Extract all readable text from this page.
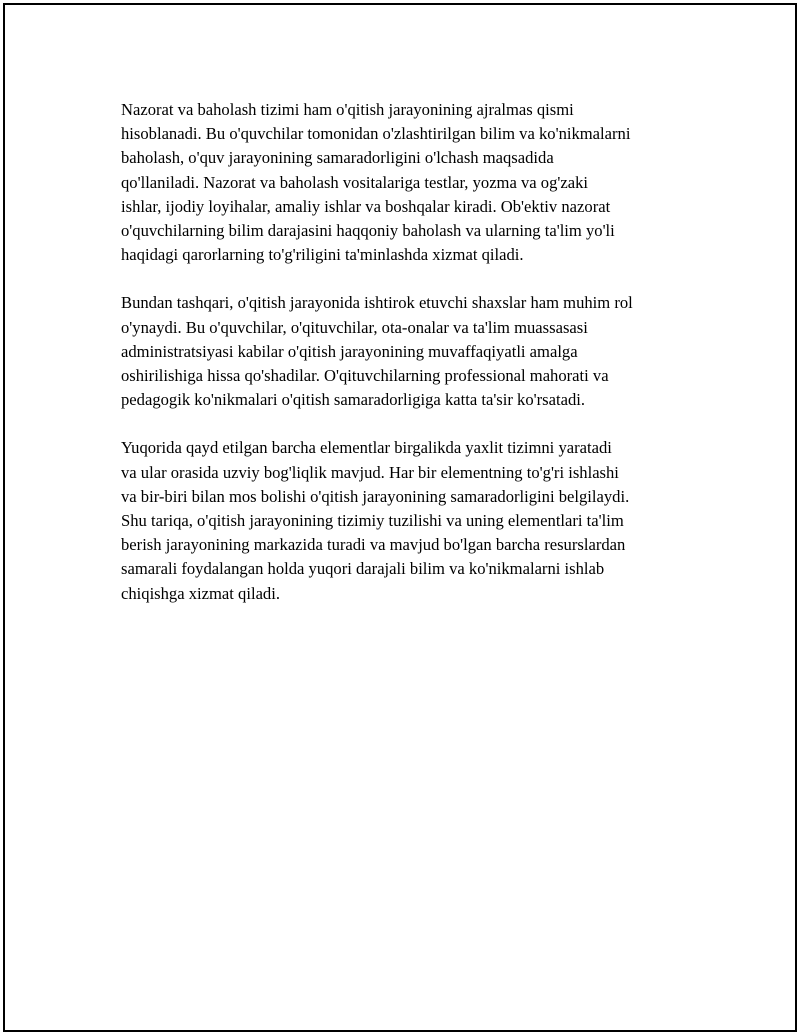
Nazorat va baholash tizimi ham o'qitish jarayonining ajralmas qismi
hisoblanadi. Bu o'quvchilar tomonidan o'zlashtirilgan bilim va ko'nikmalarni
baholash, o'quv jarayonining samaradorligini o'lchash maqsadida
qo'llaniladi. Nazorat va baholash vositalariga testlar, yozma va og'zaki
ishlar, ijodiy loyihalar, amaliy ishlar va boshqalar kiradi. Ob'ektiv nazorat
o'quvchilarning bilim darajasini haqqoniy baholash va ularning ta'lim yo'li
haqidagi qarorlarning to'g'riligini ta'minlashda xizmat qiladi.

Bundan tashqari, o'qitish jarayonida ishtirok etuvchi shaxslar ham muhim rol
o'ynaydi. Bu o'quvchilar, o'qituvchilar, ota-onalar va ta'lim muassasasi
administratsiyasi kabilar o'qitish jarayonining muvaffaqiyatli amalga
oshirilishiga hissa qo'shadilar. O'qituvchilarning professional mahorati va
pedagogik ko'nikmalari o'qitish samaradorligiga katta ta'sir ko'rsatadi.

Yuqorida qayd etilgan barcha elementlar birgalikda yaxlit tizimni yaratadi
va ular orasida uzviy bog'liqlik mavjud. Har bir elementning to'g'ri ishlashi
va bir-biri bilan mos bolishi o'qitish jarayonining samaradorligini belgilaydi.
Shu tariqa, o'qitish jarayonining tizimiy tuzilishi va uning elementlari ta'lim
berish jarayonining markazida turadi va mavjud bo'lgan barcha resurslardan
samarali foydalangan holda yuqori darajali bilim va ko'nikmalarni ishlab
chiqishga xizmat qiladi.
